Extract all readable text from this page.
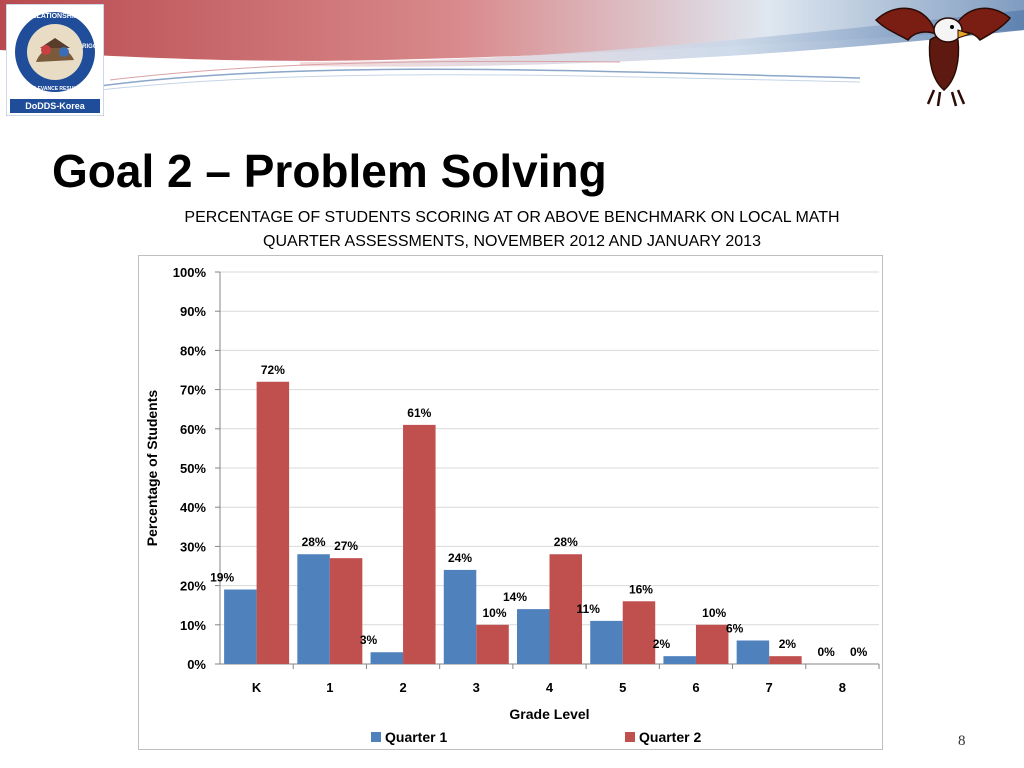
RELATIONSHIPS
RIGOR
RELEVANCE RESULTS
DoDDS-Korea
Goal 2 – Problem Solving
PERCENTAGE OF STUDENTS SCORING AT OR ABOVE BENCHMARK ON LOCAL MATH
QUARTER ASSESSMENTS, NOVEMBER 2012 AND JANUARY 2013
0%
10%
20%
30%
40%
50%
60%
70%
80%
90%
100%
K
19%
72%
1
28% 27%
2
3%
61%
3
24%
10%
4
14%
28%
5
11%
16%
6
2%
10%
7
6%
2%
8
0% 0%
Percentage of Students
Grade Level
Quarter 1	Quarter 2	8
